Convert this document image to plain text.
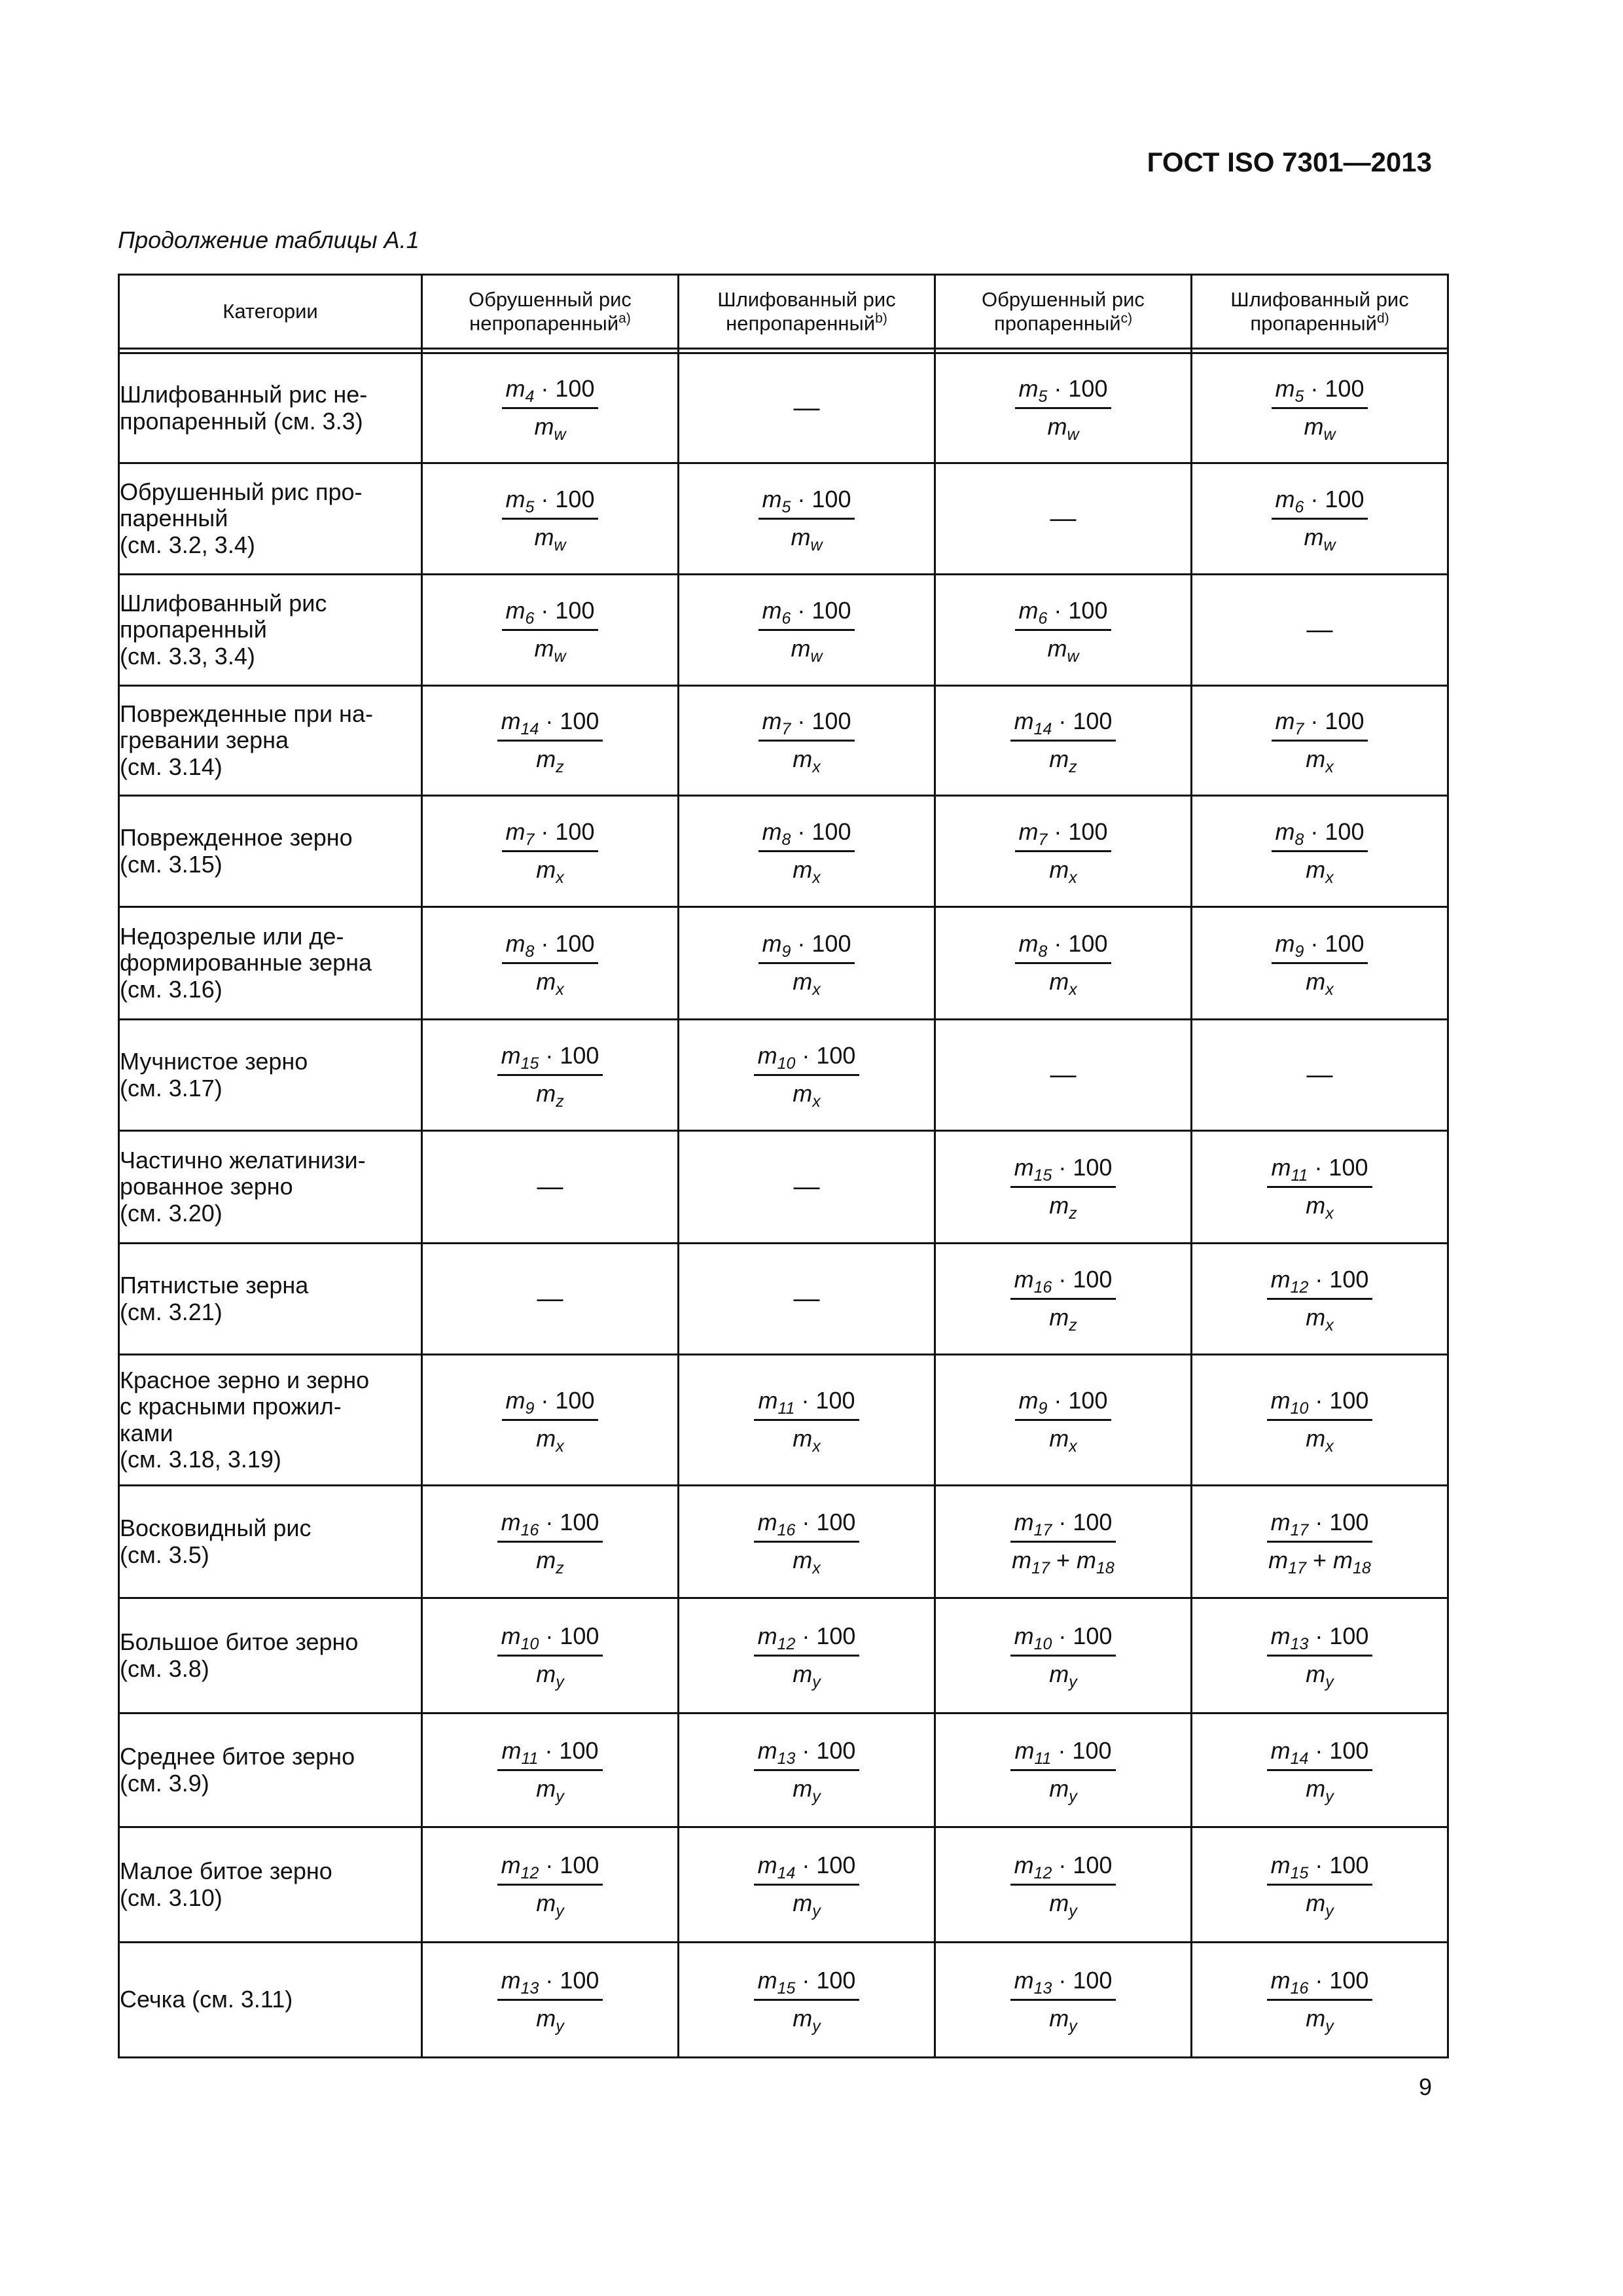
ГОСТ ISO 7301—2013
Продолжение таблицы А.1
Категории	Обрушенный рис непропаренный$^{a)}$	Шлифованный рис непропаренный$^{b)}$	Обрушенный рис пропаренный$^{c)}$	Шлифованный рис пропаренный$^{d)}$

Шлифованный рис не-
пропаренный (см. 3.3)	$\frac{m_4 \cdot 100}{m_w}$	—	$\frac{m_5 \cdot 100}{m_w}$	$\frac{m_5 \cdot 100}{m_w}$

Обрушенный рис про-
паренный
(см. 3.2, 3.4)	$\frac{m_5 \cdot 100}{m_w}$	$\frac{m_5 \cdot 100}{m_w}$	—	$\frac{m_6 \cdot 100}{m_w}$

Шлифованный рис
пропаренный
(см. 3.3, 3.4)	$\frac{m_6 \cdot 100}{m_w}$	$\frac{m_6 \cdot 100}{m_w}$	$\frac{m_6 \cdot 100}{m_w}$	—
Поврежденные при на-
гревании зерна
(см. 3.14)	$\frac{m_{14} \cdot 100}{m_z}$	$\frac{m_7 \cdot 100}{m_x}$	$\frac{m_{14} \cdot 100}{m_z}$	$\frac{m_7 \cdot 100}{m_x}$

Поврежденное зерно
(см. 3.15)	$\frac{m_7 \cdot 100}{m_x}$	$\frac{m_8 \cdot 100}{m_x}$	$\frac{m_7 \cdot 100}{m_x}$	$\frac{m_8 \cdot 100}{m_x}$

Недозрелые или де-
формированные зерна
(см. 3.16)	$\frac{m_8 \cdot 100}{m_x}$	$\frac{m_9 \cdot 100}{m_x}$	$\frac{m_8 \cdot 100}{m_x}$	$\frac{m_9 \cdot 100}{m_x}$

Мучнистое зерно
(см. 3.17)	$\frac{m_{15} \cdot 100}{m_z}$	$\frac{m_{10} \cdot 100}{m_x}$	—	—
Частично желатинизи-
рованное зерно
(см. 3.20)	—	—	$\frac{m_{15} \cdot 100}{m_z}$	$\frac{m_{11} \cdot 100}{m_x}$

Пятнистые зерна
(см. 3.21)	—	—	$\frac{m_{16} \cdot 100}{m_z}$	$\frac{m_{12} \cdot 100}{m_x}$

Красное зерно и зерно
с красными прожил-
ками
(см. 3.18, 3.19)	$\frac{m_9 \cdot 100}{m_x}$	$\frac{m_{11} \cdot 100}{m_x}$	$\frac{m_9 \cdot 100}{m_x}$	$\frac{m_{10} \cdot 100}{m_x}$

Восковидный рис
(см. 3.5)	$\frac{m_{16} \cdot 100}{m_z}$	$\frac{m_{16} \cdot 100}{m_x}$	$\frac{m_{17} \cdot 100}{m_{17} + m_{18}}$	$\frac{m_{17} \cdot 100}{m_{17} + m_{18}}$

Большое битое зерно
(см. 3.8)	$\frac{m_{10} \cdot 100}{m_y}$	$\frac{m_{12} \cdot 100}{m_y}$	$\frac{m_{10} \cdot 100}{m_y}$	$\frac{m_{13} \cdot 100}{m_y}$

Среднее битое зерно
(см. 3.9)	$\frac{m_{11} \cdot 100}{m_y}$	$\frac{m_{13} \cdot 100}{m_y}$	$\frac{m_{11} \cdot 100}{m_y}$	$\frac{m_{14} \cdot 100}{m_y}$

Малое битое зерно
(см. 3.10)	$\frac{m_{12} \cdot 100}{m_y}$	$\frac{m_{14} \cdot 100}{m_y}$	$\frac{m_{12} \cdot 100}{m_y}$	$\frac{m_{15} \cdot 100}{m_y}$

Сечка (см. 3.11)	$\frac{m_{13} \cdot 100}{m_y}$	$\frac{m_{15} \cdot 100}{m_y}$	$\frac{m_{13} \cdot 100}{m_y}$	$\frac{m_{16} \cdot 100}{m_y}$
9
